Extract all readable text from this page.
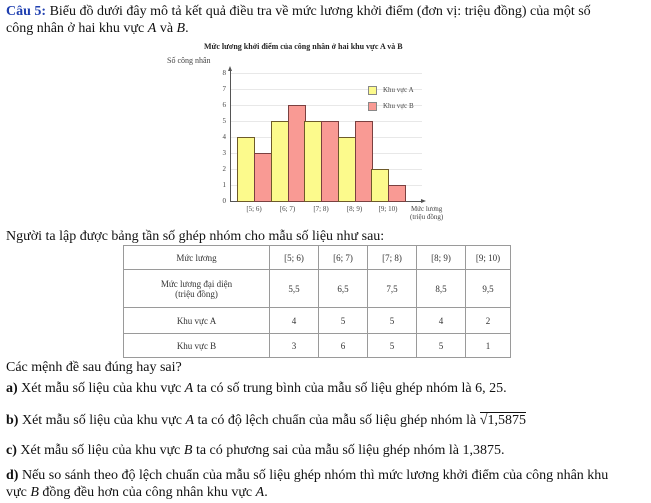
Câu 5: Biểu đồ dưới đây mô tả kết quả điều tra về mức lương khởi điểm (đơn vị: triệu đồng) của một số
công nhân ở hai khu vực A và B.
Mức lương khởi điểm của công nhân ở hai khu vực A và B
Số công nhân
0
1
2
3
4
5
6
7
8
[5; 6)	[6; 7)	[7; 8)	[8; 9)	[9; 10)	Mức lương
(triệu đồng)
Khu vực A
Khu vực B
Người ta lập được bảng tần số ghép nhóm cho mẫu số liệu như sau:
Mức lương	[5; 6)	[6; 7)	[7; 8)	[8; 9)	[9; 10)

Mức lương đại diện
(triệu đồng)	5,5	6,5	7,5	8,5	9,5

Khu vực A	4	5	5	4	2

Khu vực B	3	6	5	5	1
Các mệnh đề sau đúng hay sai?
a) Xét mẫu số liệu của khu vực A ta có số trung bình của mẫu số liệu ghép nhóm là 6, 25.
b) Xét mẫu số liệu của khu vực A ta có độ lệch chuẩn của mẫu số liệu ghép nhóm là √1,5875
c) Xét mẫu số liệu của khu vực B ta có phương sai của mẫu số liệu ghép nhóm là 1,3875.
d) Nếu so sánh theo độ lệch chuẩn của mẫu số liệu ghép nhóm thì mức lương khởi điểm của công nhân khu
vực B đồng đều hơn của công nhân khu vực A.
